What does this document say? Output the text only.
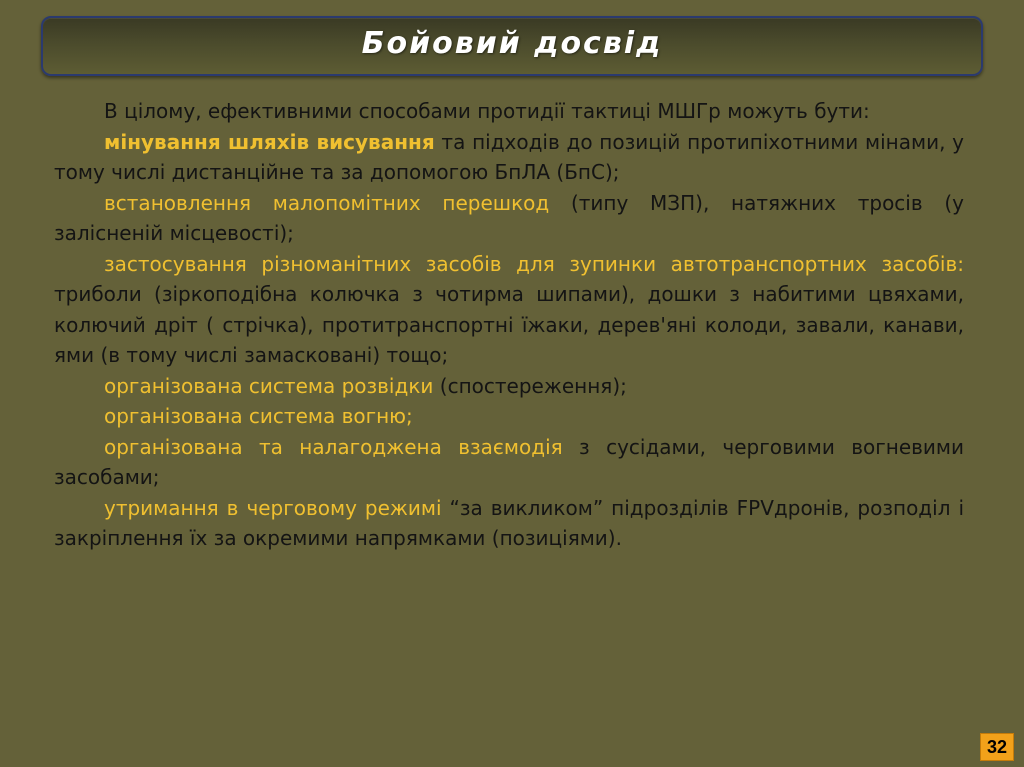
Бойовий досвід

В цілому, ефективними способами протидії тактиці МШГр можуть бути:

мінування шляхів висування та підходів до позицій протипіхотними мінами, у тому числі дистанційне та за допомогою БпЛА (БпС);

встановлення малопомітних перешкод (типу МЗП), натяжних тросів (у залісненій місцевості);

застосування різноманітних засобів для зупинки автотранспортних засобів: триболи (зіркоподібна колючка з чотирма шипами), дошки з набитими цвяхами, колючий дріт ( стрічка), протитранспортні їжаки, дерев'яні колоди, завали, канави, ями (в тому числі замасковані) тощо;

організована система розвідки (спостереження);

організована система вогню;

організована та налагоджена взаємодія з сусідами, черговими вогневими засобами;

утримання в черговому режимі “за викликом” підрозділів FPVдронів, розподіл і закріплення їх за окремими напрямками (позиціями).

32
